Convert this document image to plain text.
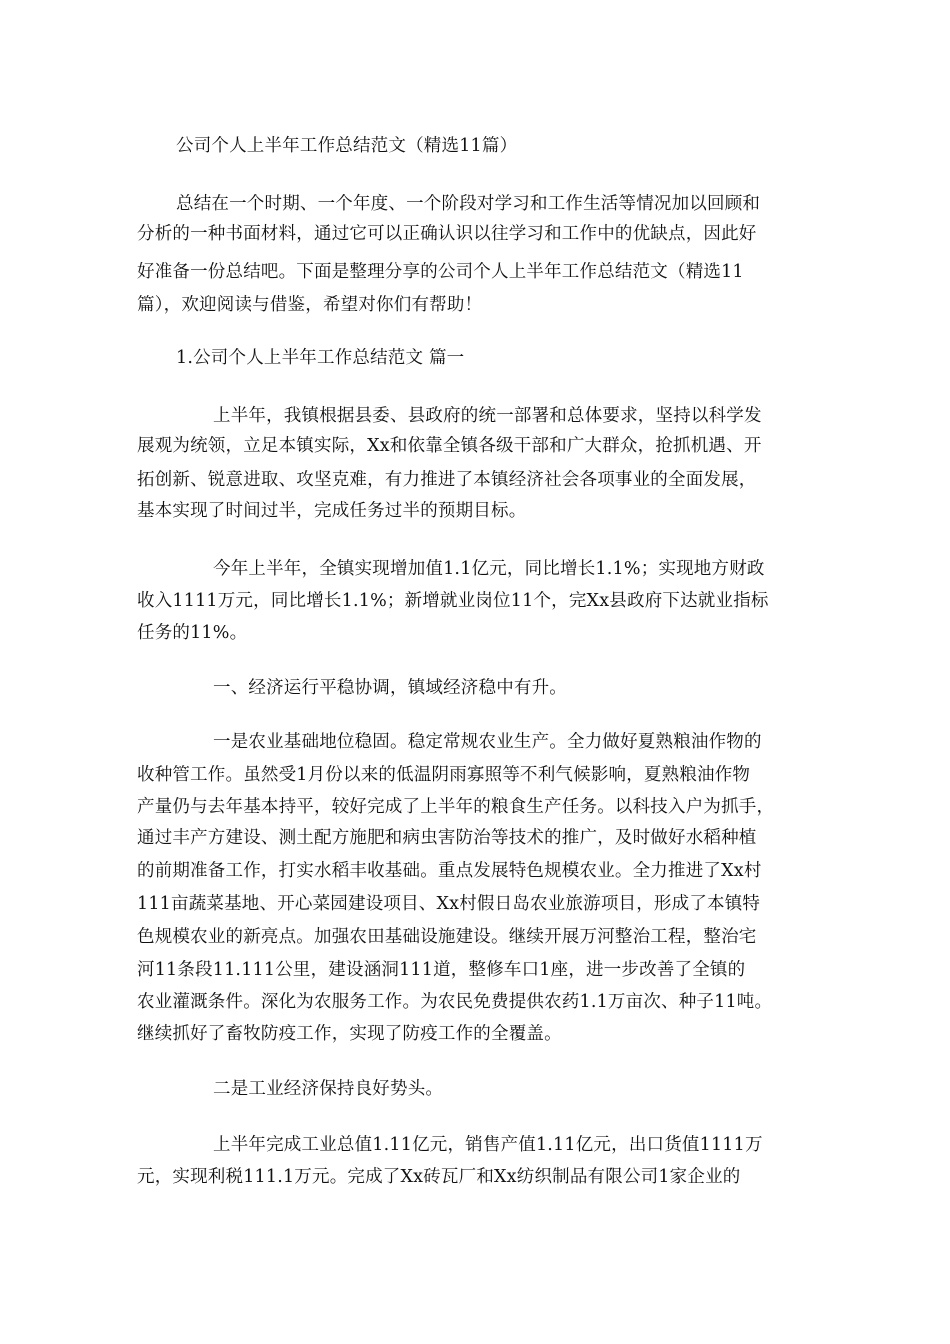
公司个人上半年工作总结范文（精选11篇）
总结在一个时期、一个年度、一个阶段对学习和工作生活等情况加以回顾和
分析的一种书面材料，通过它可以正确认识以往学习和工作中的优缺点，因此好
好准备一份总结吧。下面是整理分享的公司个人上半年工作总结范文（精选11
篇），欢迎阅读与借鉴，希望对你们有帮助！
1.公司个人上半年工作总结范文 篇一
上半年，我镇根据县委、县政府的统一部署和总体要求，坚持以科学发
展观为统领，立足本镇实际，Xx和依靠全镇各级干部和广大群众，抢抓机遇、开
拓创新、锐意进取、攻坚克难，有力推进了本镇经济社会各项事业的全面发展，
基本实现了时间过半，完成任务过半的预期目标。
今年上半年，全镇实现增加值1.1亿元，同比增长1.1%；实现地方财政
收入1111万元，同比增长1.1%；新增就业岗位11个，完Xx县政府下达就业指标
任务的11%。
一、经济运行平稳协调，镇域经济稳中有升。
一是农业基础地位稳固。稳定常规农业生产。全力做好夏熟粮油作物的
收种管工作。虽然受1月份以来的低温阴雨寡照等不利气候影响，夏熟粮油作物
产量仍与去年基本持平，较好完成了上半年的粮食生产任务。以科技入户为抓手，
通过丰产方建设、测土配方施肥和病虫害防治等技术的推广，及时做好水稻种植
的前期准备工作，打实水稻丰收基础。重点发展特色规模农业。全力推进了Xx村
111亩蔬菜基地、开心菜园建设项目、Xx村假日岛农业旅游项目，形成了本镇特
色规模农业的新亮点。加强农田基础设施建设。继续开展万河整治工程，整治宅
河11条段11.111公里，建设涵洞111道，整修车口1座，进一步改善了全镇的
农业灌溉条件。深化为农服务工作。为农民免费提供农药1.1万亩次、种子11吨。
继续抓好了畜牧防疫工作，实现了防疫工作的全覆盖。
二是工业经济保持良好势头。
上半年完成工业总值1.11亿元，销售产值1.11亿元，出口货值1111万
元，实现利税111.1万元。完成了Xx砖瓦厂和Xx纺织制品有限公司1家企业的
